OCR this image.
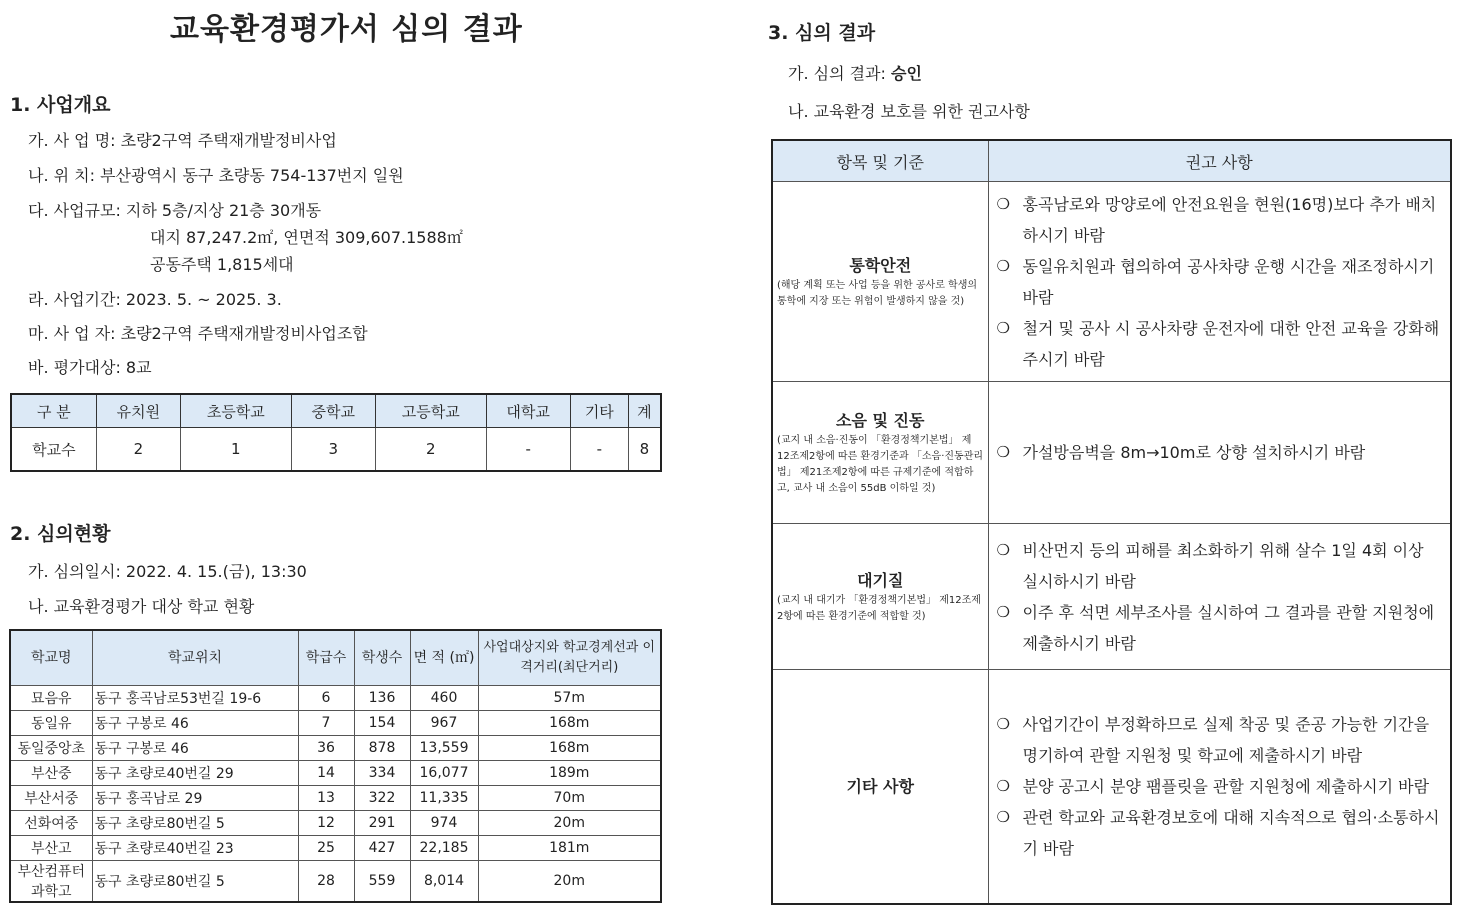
교육환경평가서 심의 결과
1. 사업개요
가. 사 업 명: 초량2구역 주택재개발정비사업
나. 위 치: 부산광역시 동구 초량동 754-137번지 일원
다. 사업규모: 지하 5층/지상 21층 30개동
대지 87,247.2㎡, 연면적 309,607.1588㎡
공동주택 1,815세대
라. 사업기간: 2023. 5. ~ 2025. 3.
마. 사 업 자: 초량2구역 주택재개발정비사업조합
바. 평가대상: 8교
구 분	유치원	초등학교	중학교	고등학교	대학교	기타	계
학교수	2	1	3	2	-	-	8
2. 심의현황
가. 심의일시: 2022. 4. 15.(금), 13:30
나. 교육환경평가 대상 학교 현황
학교명	학교위치	학급수	학생수	면 적 (㎡)	사업대상지와 학교경계선과 이격거리(최단거리)
묘음유	동구 홍곡남로53번길 19-6	6	136	460	57m
동일유	동구 구봉로 46	7	154	967	168m
동일중앙초	동구 구봉로 46	36	878	13,559	168m
부산중	동구 초량로40번길 29	14	334	16,077	189m
부산서중	동구 홍곡남로 29	13	322	11,335	70m
선화여중	동구 초량로80번길 5	12	291	974	20m
부산고	동구 초량로40번길 23	25	427	22,185	181m
부산컴퓨터과학고	동구 초량로80번길 5	28	559	8,014	20m
3. 심의 결과
가. 심의 결과: 승인
나. 교육환경 보호를 위한 권고사항
항목 및 기준	권고 사항

통학안전
(해당 계획 또는 사업 등을 위한 공사로 학생의 통학에 지장 또는 위험이 발생하지 않을 것)	❍ 홍곡남로와 망양로에 안전요원을 현원(16명)보다 추가 배치하시기 바람
❍ 동일유치원과 협의하여 공사차량 운행 시간을 재조정하시기 바람
❍ 철거 및 공사 시 공사차량 운전자에 대한 안전 교육을 강화해 주시기 바람

소음 및 진동
(교지 내 소음·진동이 「환경정책기본법」 제12조제2항에 따른 환경기준과 「소음·진동관리법」 제21조제2항에 따른 규제기준에 적합하고, 교사 내 소음이 55dB 이하일 것)	❍ 가설방음벽을 8m→10m로 상향 설치하시기 바람

대기질
(교지 내 대기가 「환경정책기본법」 제12조제2항에 따른 환경기준에 적합할 것)	❍ 비산먼지 등의 피해를 최소화하기 위해 살수 1일 4회 이상 실시하시기 바람
❍ 이주 후 석면 세부조사를 실시하여 그 결과를 관할 지원청에 제출하시기 바람

기타 사항	❍ 사업기간이 부정확하므로 실제 착공 및 준공 가능한 기간을 명기하여 관할 지원청 및 학교에 제출하시기 바람
❍ 분양 공고시 분양 팸플릿을 관할 지원청에 제출하시기 바람
❍ 관련 학교와 교육환경보호에 대해 지속적으로 협의·소통하시기 바람
